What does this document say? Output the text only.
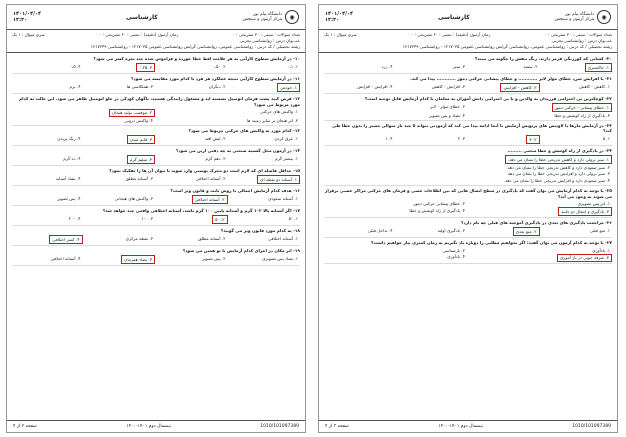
۱۴۰۱/۰۴/۰۴
۱۳:۳۰	کارشناسی	◉
دانشگاه پیام نور
مرکز آزمون و سنجش
تعداد سوالات : تستی : ۳۰ تشریحی : ۰
زمان آزمون (دقیقه) : تستی : ۶۰ تشریحی : ۰
سری سوال : ۱ یک
عنـــوان درس : روانشناسی تجربی
رشته تحصیلی / کد درس : روانشناسی عمومی، روانشناسی گرایش روانشناسی عمومی ۱۲۱۷۰۳۵ - روانشناسی ۱۲۱۷۲۴۹
۱۰- در آزمایش سطوح کارآیی به هر علامت لغط خطا خورده و فراموش شده چند نمره کسر می شود؟
۱. ۰،۱
۲. ۰،۵۰
۳. ۰،۲۵
۴. ۰،۵
۱۱- در آزمایش سطوح کارآیی نتیجه عملکرد هر فرد با کدام مورد مقایسه می شود؟
۱. خودش
۲. دیگران
۳. همکلاسی ها
۴. نرم
۱۲- فرض کنید پشت فرمان اتومبیل نشسته اید و مشغول رانندگی هستید، ناگهان کودکی در جلو اتومبیل ظاهر می شود. این حالت به کدام مورد مربوط می شود؟
۱. واکنش های حرکتی
۲. موقعیت تولید هیجان
۳. اثر هیجان بر سایر زمینه ها
۴. واکنش درونی
۱۳- کدام مورد به واکنش های حرکتی مربوط می شود؟
۱. عرق کردن
۲. لبش افتد
۳. قایم شدن
۴. رنگ پریدن
۱۴- در آزمون محل گشتیه صنعتی به چه دقتی ازین می شود؟
۱. بیشتر گرم
۲. دهم گرم
۳. میلیم گرم
۴. ده گرم
۱۵- حداقل فاصله ای که لازم است دو محرک پوستی وارد شوند تا بتوان آن ها را تفکیک نمود؟
۱. آستانه دو نقطه ای
۲. آستانه اختلافی
۳. آستانه مطلق
۴. تضاد آستانه
۱۶- هدف کدام آزمایش اجمالی با روش ثابت و قانون وبر است؟
۱. آستانه صعودی
۲. آستانه اختلافی
۳. واکنش های هیجانی
۴. پس تصویر
۱۷- اگر آستانه بالا ۱۰۲ گرم و آستانه پایین ۱۰۰ گرم باشد، آستانه اختلافی واقعی چند خواهد شد؟
۱. ۵۰
۲. ۵۰
۳. ۱۰۰
۴. ۲۰۰
۱۸- به کدام مورد قانون وبر می گویند؟
۱. آستانه اختلافی
۲. آستانه مطلق
۳. نقطه مرکزی
۴. کسر اختلافی
۱۹- اثر مکان در اجرای کدام آزمایش با تو همین می شود؟
۱. تضاد پس تصویری
۲. پس تصویر
۳. تضاد همزمان
۴. آستانه اختلافی
صفحه ۲ از ۴	نیمسال دوم ۱۴۰۱-۱۴۰۰	1010/101097389
۱۴۰۱/۰۴/۰۴
۱۳:۳۰	کارشناسی	◉
دانشگاه پیام نور
مرکز آزمون و سنجش
تعداد سوالات : تستی : ۳۰ تشریحی : ۰
زمان آزمون (دقیقه) : تستی : ۶۰ تشریحی : ۰
سری سوال : ۱ یک
عنـــوان درس : روانشناسی تجربی
رشته تحصیلی / کد درس : روانشناسی عمومی، روانشناسی گرایش روانشناسی عمومی ۱۲۱۷۰۳۵ - روانشناسی ۱۲۱۷۲۴۹
۲۰- کسانی که کوررنگی قرمز دارند، رنگ بنفش را چگونه می بینند؟
۱. خاکستری
۲. سفید
۳. سبز
۴. زرد
۲۱- با افزایش سن، خطای مولر لایر ............ و خطای پیشانی حرکتی دمور ............ پیدا می کند.
۱. کاهش - کاهش
۲. کاهش - افزایش
۳. افزایش - کاهش
۴. افزایش - افزایش
۲۲- کوچکترین بی احترامی فرزندان به والدین و یا بی احترامی دانش آموزان به معلمان با کدام آزمایش قابل توجیه است؟
۱. خطای پیشانی - حرکتی دمور
۲. خطای مولر - لایر
۳. یادگیری از راه کوشش و خطا
۴. تضاد و پس تصویر
۲۳- در آزمایش مارها یا لاوینس های پرتوپس آزمایش تا آنجا ادامه پیدا می کند که آزمودنی بتواند ۵ چند بار متوالی مسیر را بدون خطا طی کند؟
۱. ۵
۲. ۳
۳. ۲
۴. ۱
۲۴- در یادگیری از راه کوشش و خطا منحنی .........
۱. سیر نزولی دارد و کاهش تدریجی خطا را نشان می دهد.
۲. سیر صعودی دارد و کاهش تدریجی خطا را نشان می دهد.
۳. سیر نزولی دارد و افزایش تدریجی خطا را نشان می دهد.
۴. سیر صعودی دارد و افزایش تدریجی خطا را نشان می دهد.
۲۵- با توجه به کدام آزمایش می توان گفت که یادگیری در سطح اتصال هایی که بین اطلاعات حسی و فرمان های حرکتی مراکز عصبی برقرار می شوند به وجود می آید؟
۱. اثر پس تصویری
۲. خطای پیشانی حرکتی دمور
۳. یادگیری و انتقال دو جانبه
۴. یادگیری از راه کوشش و خطا
۲۶- مزاحمت یادگیری های بعدی در یادگیری آموخته های قبلی چه نام دارد؟
۱. منع قبلی
۲. منع بعدی
۳. یادگیری اولیه
۴. تداخل قبلی
۲۷- با توجه به کدام آزمون می توان گفت: اگر بخواهیم مطلبی را دوباره یاد بگیریم به زمان کمتری نیاز خواهیم داشت؟
۱. یادآوری
۲. بازشناسی
۳. صرفه جویی در باز آموزی
۴. یادآوری
صفحه ۳ از ۴	نیمسال دوم ۱۴۰۱-۱۴۰۰	1010/101097389
